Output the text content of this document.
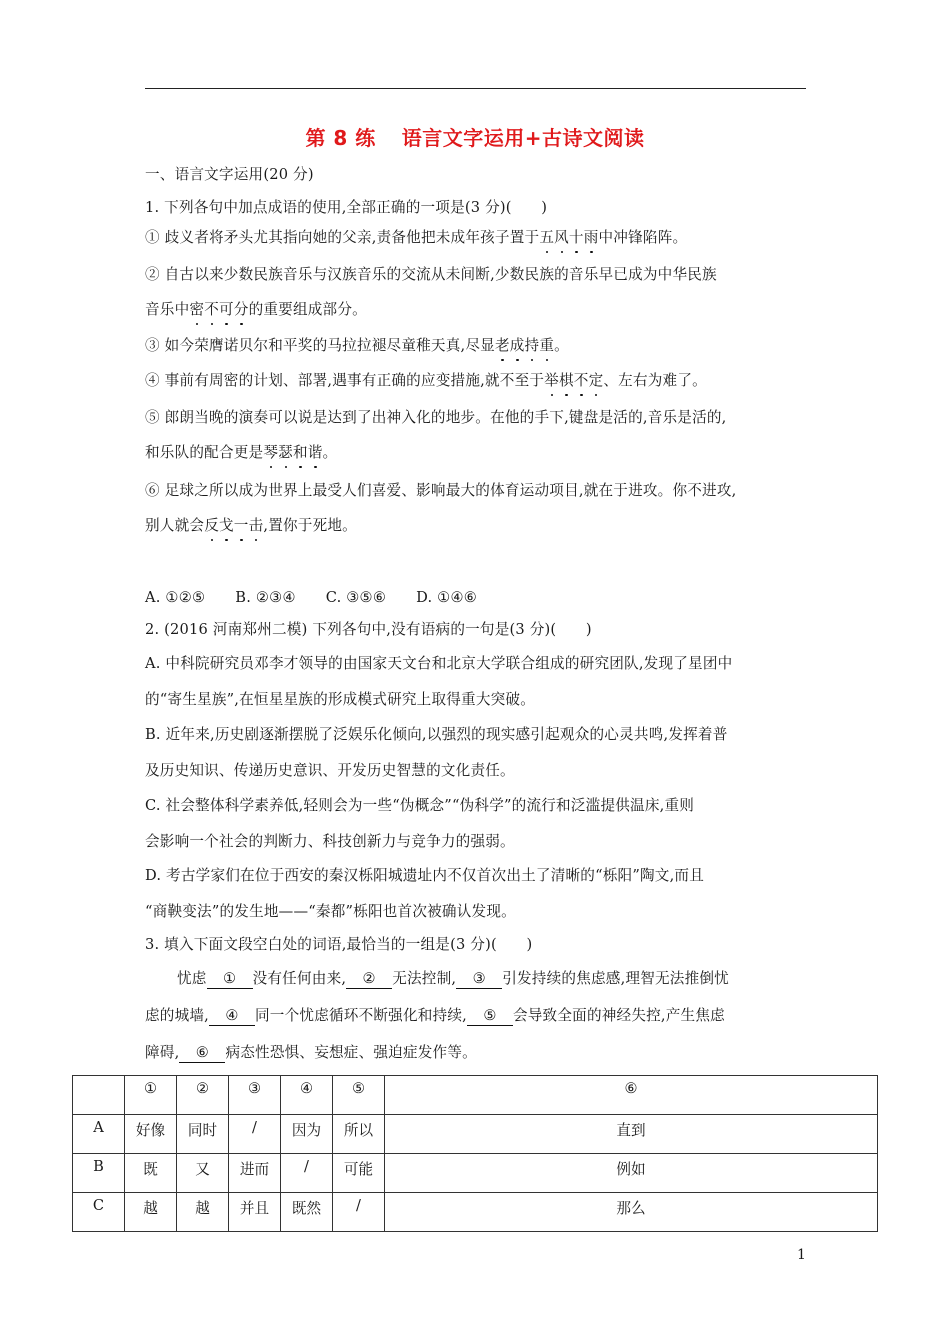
第 8 练 语言文字运用+古诗文阅读
一、语言文字运用(20 分)
1. 下列各句中加点成语的使用,全部正确的一项是(3 分)(　　)
① 歧义者将矛头尤其指向她的父亲,责备他把未成年孩子置于五风十雨中冲锋陷阵。
② 自古以来少数民族音乐与汉族音乐的交流从未间断,少数民族的音乐早已成为中华民族
音乐中密不可分的重要组成部分。
③ 如今荣膺诺贝尔和平奖的马拉拉褪尽童稚天真,尽显老成持重。
④ 事前有周密的计划、部署,遇事有正确的应变措施,就不至于举棋不定、左右为难了。
⑤ 郎朗当晚的演奏可以说是达到了出神入化的地步。在他的手下,键盘是活的,音乐是活的,
和乐队的配合更是琴瑟和谐。
⑥ 足球之所以成为世界上最受人们喜爱、影响最大的体育运动项目,就在于进攻。你不进攻,
别人就会反戈一击,置你于死地。
A. ①②⑤ B. ②③④ C. ③⑤⑥ D. ①④⑥
2. (2016 河南郑州二模) 下列各句中,没有语病的一句是(3 分)(　　)
A. 中科院研究员邓李才领导的由国家天文台和北京大学联合组成的研究团队,发现了星团中
的“寄生星族”,在恒星星族的形成模式研究上取得重大突破。
B. 近年来,历史剧逐渐摆脱了泛娱乐化倾向,以强烈的现实感引起观众的心灵共鸣,发挥着普
及历史知识、传递历史意识、开发历史智慧的文化责任。
C. 社会整体科学素养低,轻则会为一些“伪概念”“伪科学”的流行和泛滥提供温床,重则
会影响一个社会的判断力、科技创新力与竞争力的强弱。
D. 考古学家们在位于西安的秦汉栎阳城遗址内不仅首次出土了清晰的“栎阳”陶文,而且
“商鞅变法”的发生地——“秦都”栎阳也首次被确认发现。
3. 填入下面文段空白处的词语,最恰当的一组是(3 分)(　　)
忧虑 ① 没有任何由来, ② 无法控制, ③ 引发持续的焦虑感,理智无法推倒忧
虑的城墙, ④ 同一个忧虑循环不断强化和持续, ⑤ 会导致全面的神经失控,产生焦虑
障碍, ⑥ 病态性恐惧、妄想症、强迫症发作等。
	①	②	③	④	⑤	⑥
A	好像	同时	/	因为	所以	直到
B	既	又	进而	/	可能	例如
C	越	越	并且	既然	/	那么
1
